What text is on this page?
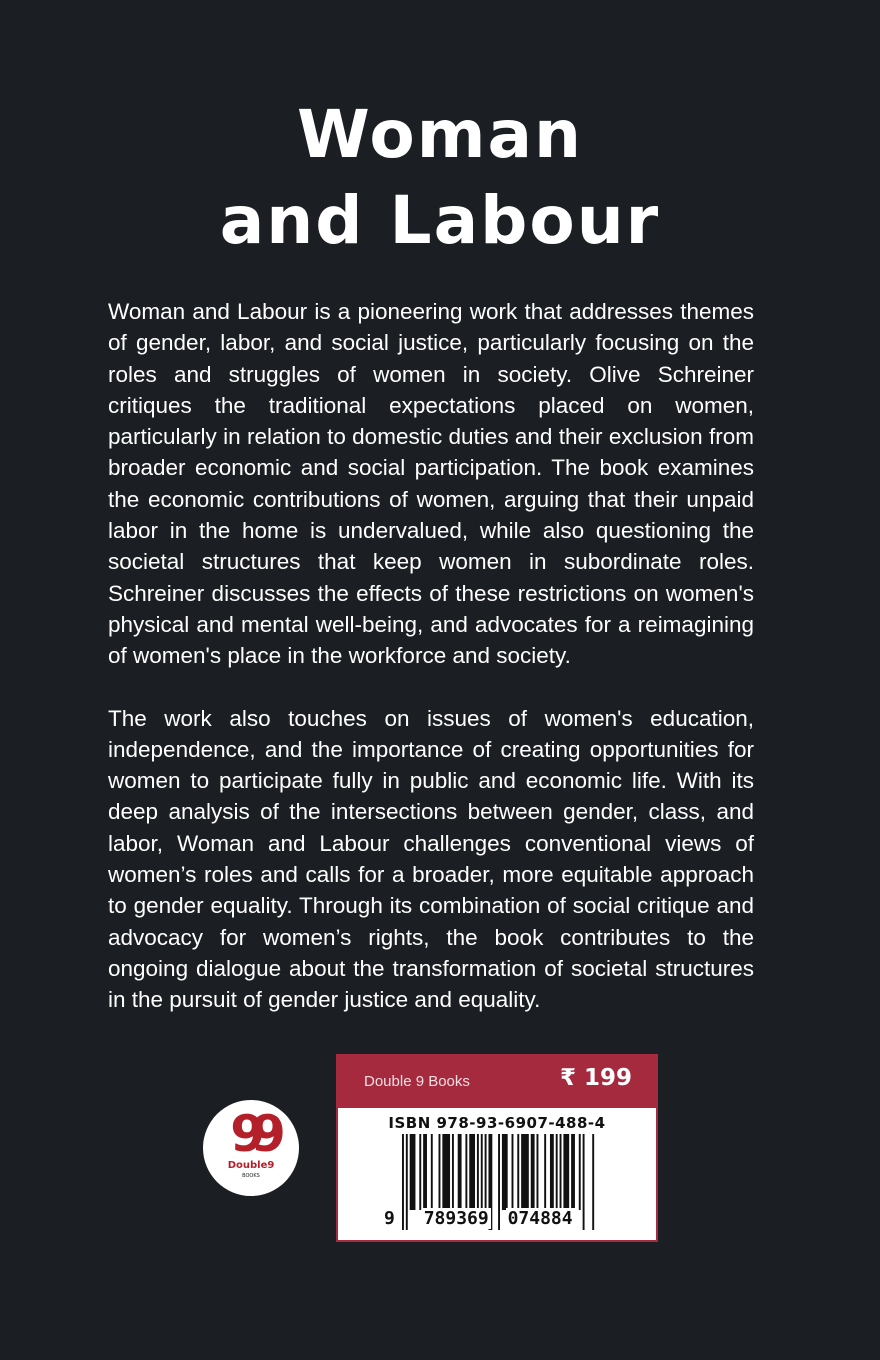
Woman
and Labour

Woman and Labour is a pioneering work that addresses themes of gender, labor, and social justice, particularly focusing on the roles and struggles of women in society. Olive Schreiner critiques the traditional expectations placed on women, particularly in relation to domestic duties and their exclusion from broader economic and social participation. The book examines the economic contributions of women, arguing that their unpaid labor in the home is undervalued, while also questioning the societal structures that keep women in subordinate roles. Schreiner discusses the effects of these restrictions on women's physical and mental well-being, and advocates for a reimagining of women's place in the workforce and society.

The work also touches on issues of women's education, independence, and the importance of creating opportunities for women to participate fully in public and economic life. With its deep analysis of the intersections between gender, class, and labor, Woman and Labour challenges conventional views of women’s roles and calls for a broader, more equitable approach to gender equality. Through its combination of social critique and advocacy for women’s rights, the book contributes to the ongoing dialogue about the transformation of societal structures in the pursuit of gender justice and equality.

99
Double9
BOOKS
Double 9 Books	₹ 199
ISBN 978-93-6907-488-4
9 789369 074884
